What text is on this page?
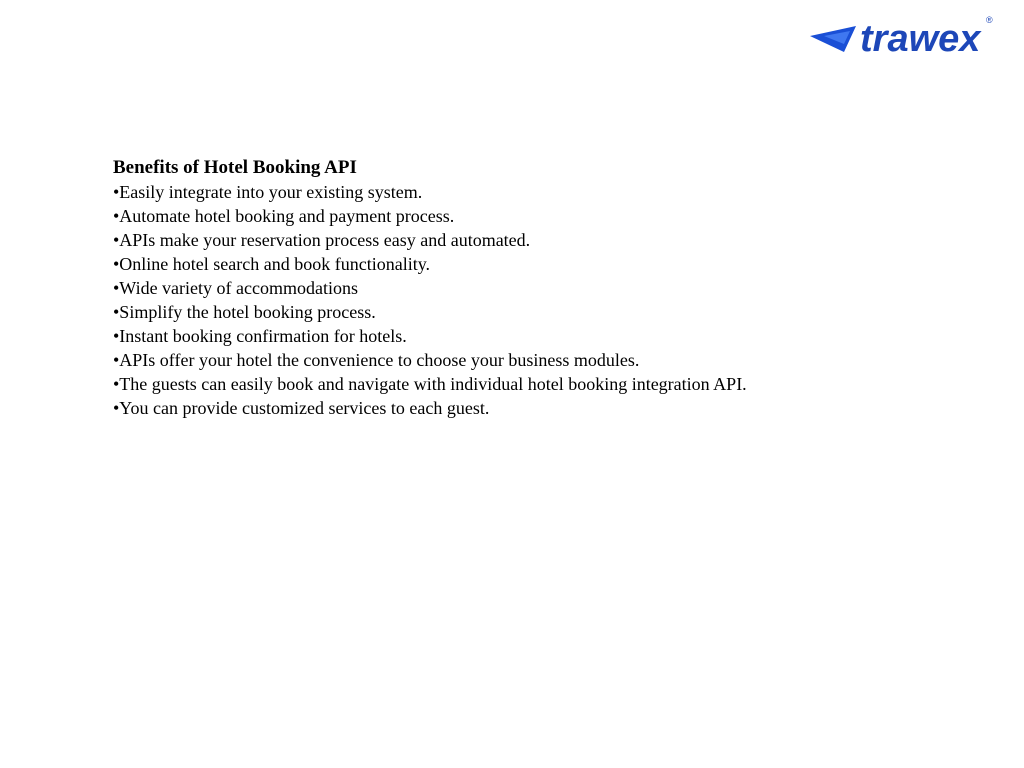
trawex ®

Benefits of Hotel Booking API

•Easily integrate into your existing system.
•Automate hotel booking and payment process.
•APIs make your reservation process easy and automated.
•Online hotel search and book functionality.
•Wide variety of accommodations
•Simplify the hotel booking process.
•Instant booking confirmation for hotels.
•APIs offer your hotel the convenience to choose your business modules.
•The guests can easily book and navigate with individual hotel booking integration API.
•You can provide customized services to each guest.
